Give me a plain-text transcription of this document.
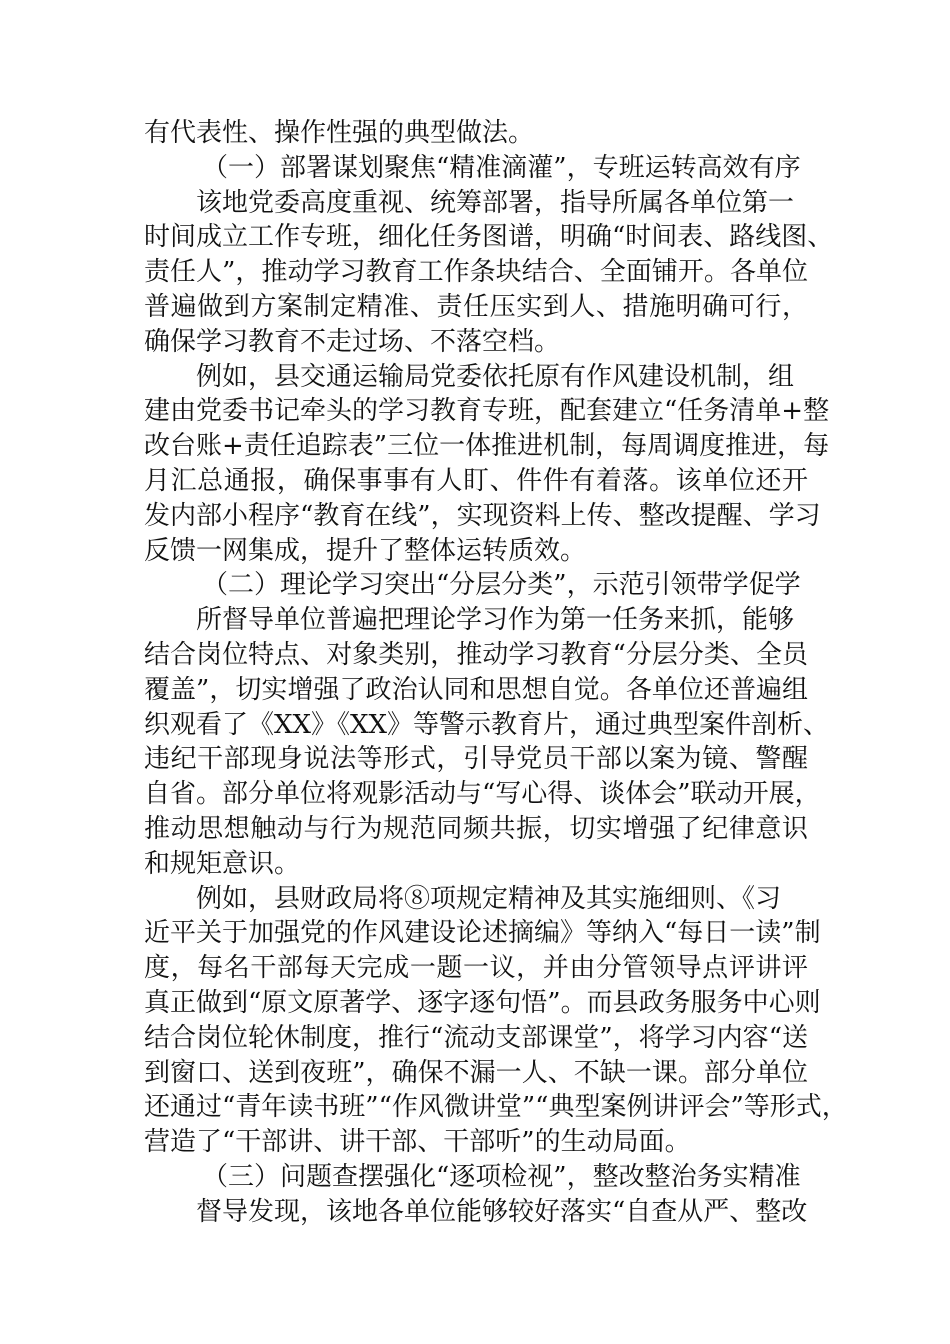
有代表性、操作性强的典型做法。
（一）部署谋划聚焦“精准滴灌”，专班运转高效有序
该地党委高度重视、统筹部署，指导所属各单位第一
时间成立工作专班，细化任务图谱，明确“时间表、路线图、
责任人”，推动学习教育工作条块结合、全面铺开。各单位
普遍做到方案制定精准、责任压实到人、措施明确可行，
确保学习教育不走过场、不落空档。
例如，县交通运输局党委依托原有作风建设机制，组
建由党委书记牵头的学习教育专班，配套建立“任务清单+整
改台账+责任追踪表”三位一体推进机制，每周调度推进，每
月汇总通报，确保事事有人盯、件件有着落。该单位还开
发内部小程序“教育在线”，实现资料上传、整改提醒、学习
反馈一网集成，提升了整体运转质效。
（二）理论学习突出“分层分类”，示范引领带学促学
所督导单位普遍把理论学习作为第一任务来抓，能够
结合岗位特点、对象类别，推动学习教育“分层分类、全员
覆盖”，切实增强了政治认同和思想自觉。各单位还普遍组
织观看了《XX》《XX》等警示教育片，通过典型案件剖析、
违纪干部现身说法等形式，引导党员干部以案为镜、警醒
自省。部分单位将观影活动与“写心得、谈体会”联动开展，
推动思想触动与行为规范同频共振，切实增强了纪律意识
和规矩意识。
例如，县财政局将⑧项规定精神及其实施细则、《习
近平关于加强党的作风建设论述摘编》等纳入“每日一读”制
度，每名干部每天完成一题一议，并由分管领导点评讲评
真正做到“原文原著学、逐字逐句悟”。而县政务服务中心则
结合岗位轮休制度，推行“流动支部课堂”，将学习内容“送
到窗口、送到夜班”，确保不漏一人、不缺一课。部分单位
还通过“青年读书班”“作风微讲堂”“典型案例讲评会”等形式，
营造了“干部讲、讲干部、干部听”的生动局面。
（三）问题查摆强化“逐项检视”，整改整治务实精准
督导发现，该地各单位能够较好落实“自查从严、整改
